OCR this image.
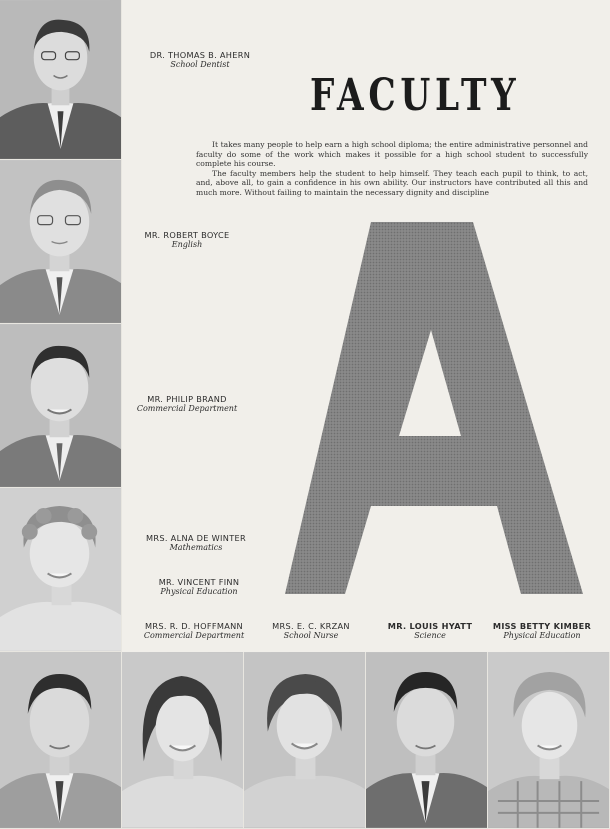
DR. THOMAS B. AHERN
School Dentist
MR. ROBERT BOYCE
English
MR. PHILIP BRAND
Commercial Department
MRS. ALNA DE WINTER
Mathematics
MR. VINCENT FINN
Physical Education
MRS. R. D. HOFFMANN
Commercial Department
MRS. E. C. KRZAN
School Nurse
MR. LOUIS HYATT
Science
MISS BETTY KIMBER
Physical Education
FACULTY

It takes many people to help earn a high school diploma; the entire administrative personnel and faculty do some of the work which makes it possible for a high school student to successfully complete his course.

The faculty members help the student to help himself. They teach each pupil to think, to act, and, above all, to gain a confidence in his own ability. Our instructors have contributed all this and much more. Without failing to maintain the necessary dignity and discipline
